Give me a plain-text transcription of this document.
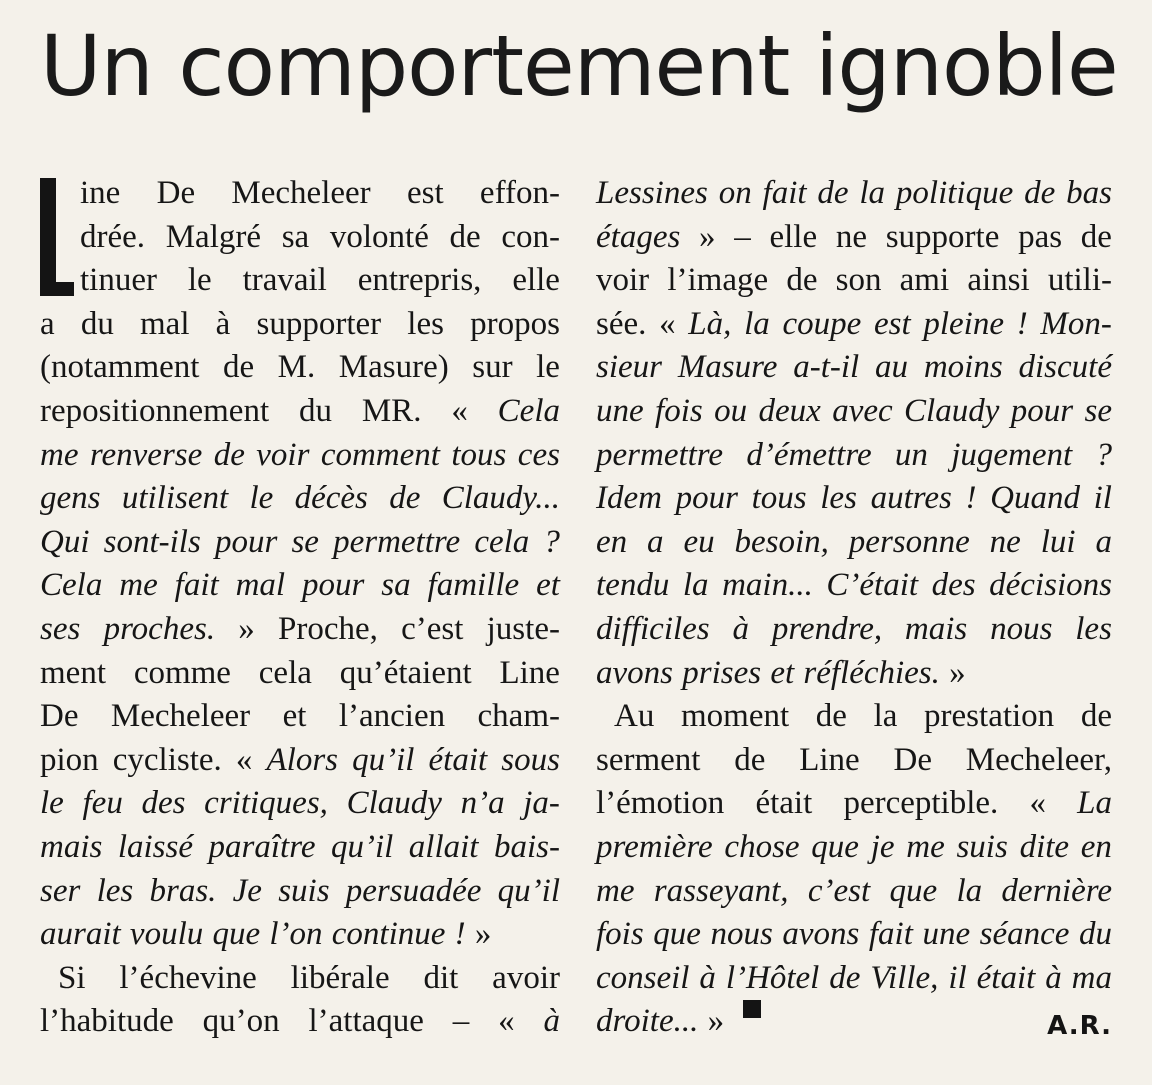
Un comportement ignoble
ine De Mecheleer est effon-
drée. Malgré sa volonté de con-
tinuer le travail entrepris, elle
a du mal à supporter les propos
(notamment de M. Masure) sur le
repositionnement du MR. « Cela
me renverse de voir comment tous ces
gens utilisent le décès de Claudy...
Qui sont-ils pour se permettre cela ?
Cela me fait mal pour sa famille et
ses proches. » Proche, c’est juste-
ment comme cela qu’étaient Line
De Mecheleer et l’ancien cham-
pion cycliste. « Alors qu’il était sous
le feu des critiques, Claudy n’a ja-
mais laissé paraître qu’il allait bais-
ser les bras. Je suis persuadée qu’il
aurait voulu que l’on continue ! »
Si l’échevine libérale dit avoir
l’habitude qu’on l’attaque – « à
Lessines on fait de la politique de bas
étages » – elle ne supporte pas de
voir l’image de son ami ainsi utili-
sée. « Là, la coupe est pleine ! Mon-
sieur Masure a-t-il au moins discuté
une fois ou deux avec Claudy pour se
permettre d’émettre un jugement ?
Idem pour tous les autres ! Quand il
en a eu besoin, personne ne lui a
tendu la main... C’était des décisions
difficiles à prendre, mais nous les
avons prises et réfléchies. »
Au moment de la prestation de
serment de Line De Mecheleer,
l’émotion était perceptible. « La
première chose que je me suis dite en
me rasseyant, c’est que la dernière
fois que nous avons fait une séance du
conseil à l’Hôtel de Ville, il était à ma
droite... »	A.R.
